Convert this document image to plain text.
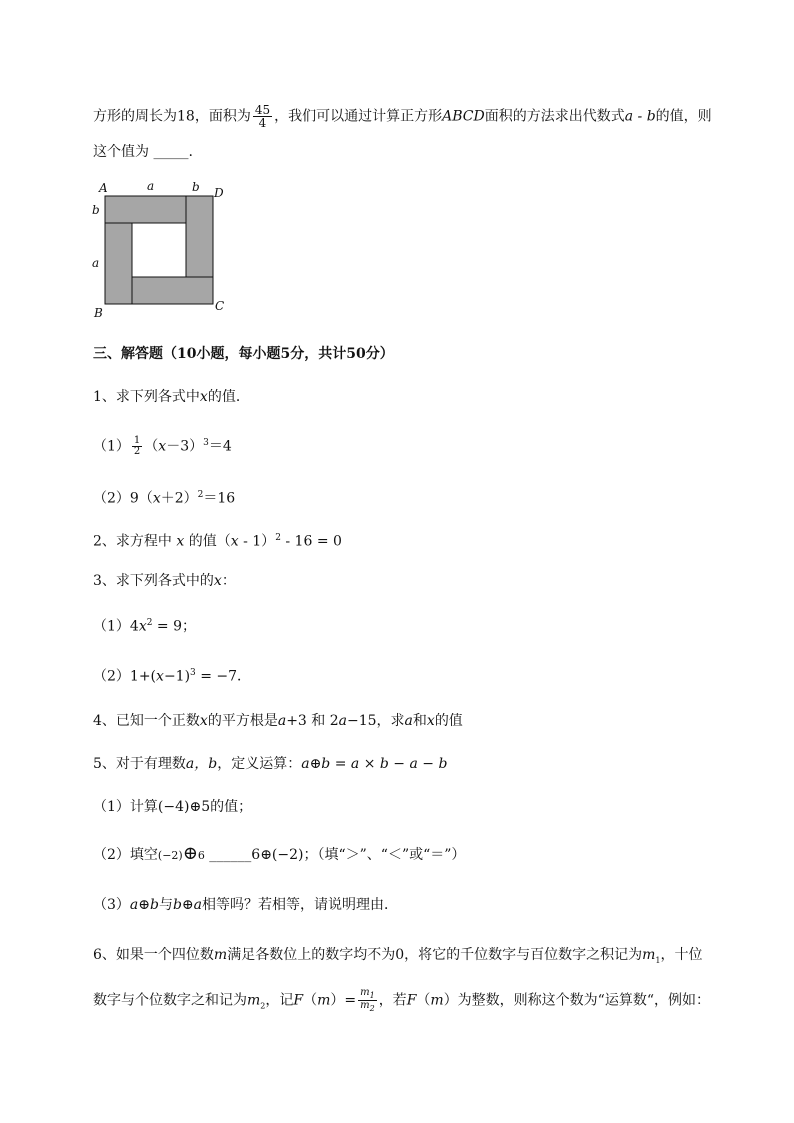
方形的周长为18，面积为 $\frac{45}{4}$ ，我们可以通过计算正方形ABCD面积的方法求出代数式a - b的值，则
这个值为 _____.
A	a	b D
b
a
B	C
三、解答题（10小题，每小题5分，共计50分）
1、求下列各式中x的值．
$(1) \frac{1}{2} (x-3)^3=4$
$(2)9(x+2)^2=16$
2、求方程中 x 的值（x - 1）$^2$ - 16 = 0
3、求下列各式中的x：
$(1)4x^2 = 9$；
$(2)1+(x-1)^3 = -7$．
4、已知一个正数x的平方根是a+3 和 2a−15，求a和x的值
5、对于有理数a，b，定义运算：a⊕b = a × b − a − b
（1）计算(−4)⊕5的值；
（2）填空(−2)⊕6 ______6⊕(−2)；（填“＞”、“＜”或“＝”）
（3）a⊕b与b⊕a相等吗？若相等，请说明理由．
6、如果一个四位数m满足各数位上的数字均不为0，将它的千位数字与百位数字之积记为$m_1$，十位
数字与个位数字之和记为$m_2$，记$F(m)= \frac{m_1}{m_2}$ ，若F（m）为整数，则称这个数为“运算数“，例如：
